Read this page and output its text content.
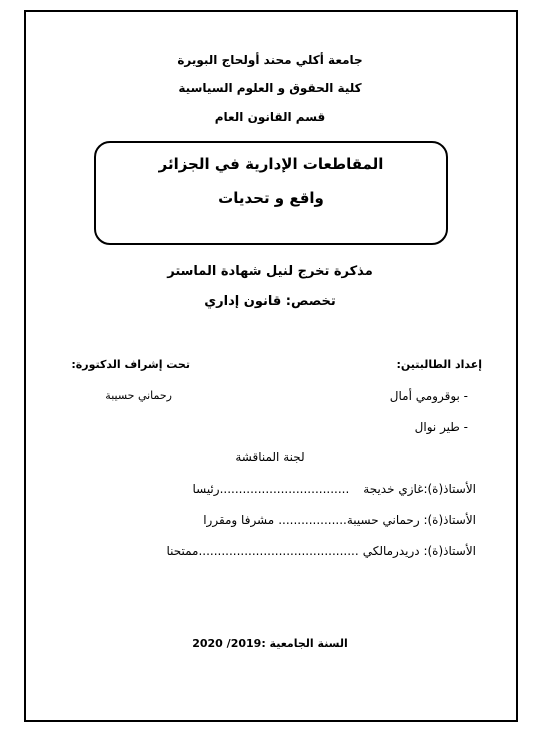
جامعة أكلي محند أولحاج البويرة
كلية الحقوق و العلوم السياسية
قسم القانون العام
المقاطعات الإدارية في الجزائر
واقع و تحديات
مذكرة تخرج لنيل شهادة الماستر
تخصص: قانون إداري
إعداد الطالبتين:
- بوقرومي أمال
- طير نوال
تحت إشراف الدكتورة:
رحماني حسيبة
لجنة المناقشة
الأستاذ(ة):غازي خديجة..................................رئيسا
الأستاذ(ة): رحماني حسيبة..................مشرفا ومقررا
الأستاذ(ة): دريدرمالكي..........................................ممتحنا
السنة الجامعية :2019/ 2020
